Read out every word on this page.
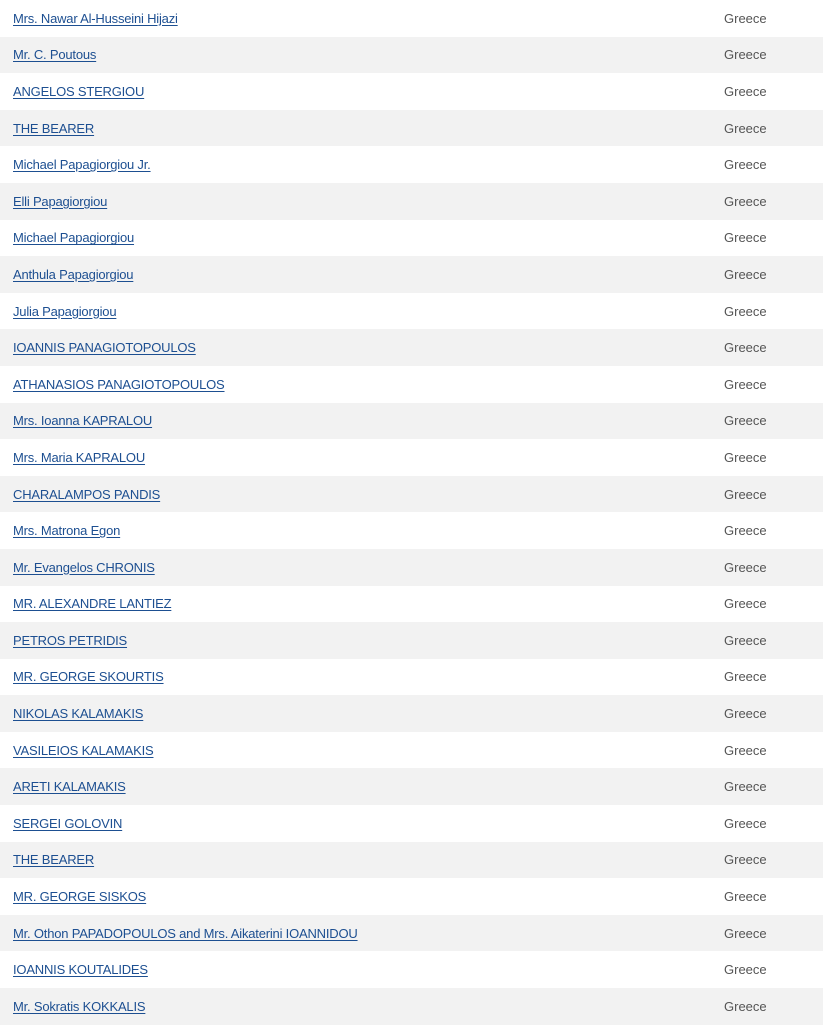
Mrs. Nawar Al-Husseini Hijazi	Greece
Mr. C. Poutous	Greece
ANGELOS STERGIOU	Greece
THE BEARER	Greece
Michael Papagiorgiou Jr.	Greece
Elli Papagiorgiou	Greece
Michael Papagiorgiou	Greece
Anthula Papagiorgiou	Greece
Julia Papagiorgiou	Greece
IOANNIS PANAGIOTOPOULOS	Greece
ATHANASIOS PANAGIOTOPOULOS	Greece
Mrs. Ioanna KAPRALOU	Greece
Mrs. Maria KAPRALOU	Greece
CHARALAMPOS PANDIS	Greece
Mrs. Matrona Egon	Greece
Mr. Evangelos CHRONIS	Greece
MR. ALEXANDRE LANTIEZ	Greece
PETROS PETRIDIS	Greece
MR. GEORGE SKOURTIS	Greece
NIKOLAS KALAMAKIS	Greece
VASILEIOS KALAMAKIS	Greece
ARETI KALAMAKIS	Greece
SERGEI GOLOVIN	Greece
THE BEARER	Greece
MR. GEORGE SISKOS	Greece
Mr. Othon PAPADOPOULOS and Mrs. Aikaterini IOANNIDOU	Greece
IOANNIS KOUTALIDES	Greece
Mr. Sokratis KOKKALIS	Greece
